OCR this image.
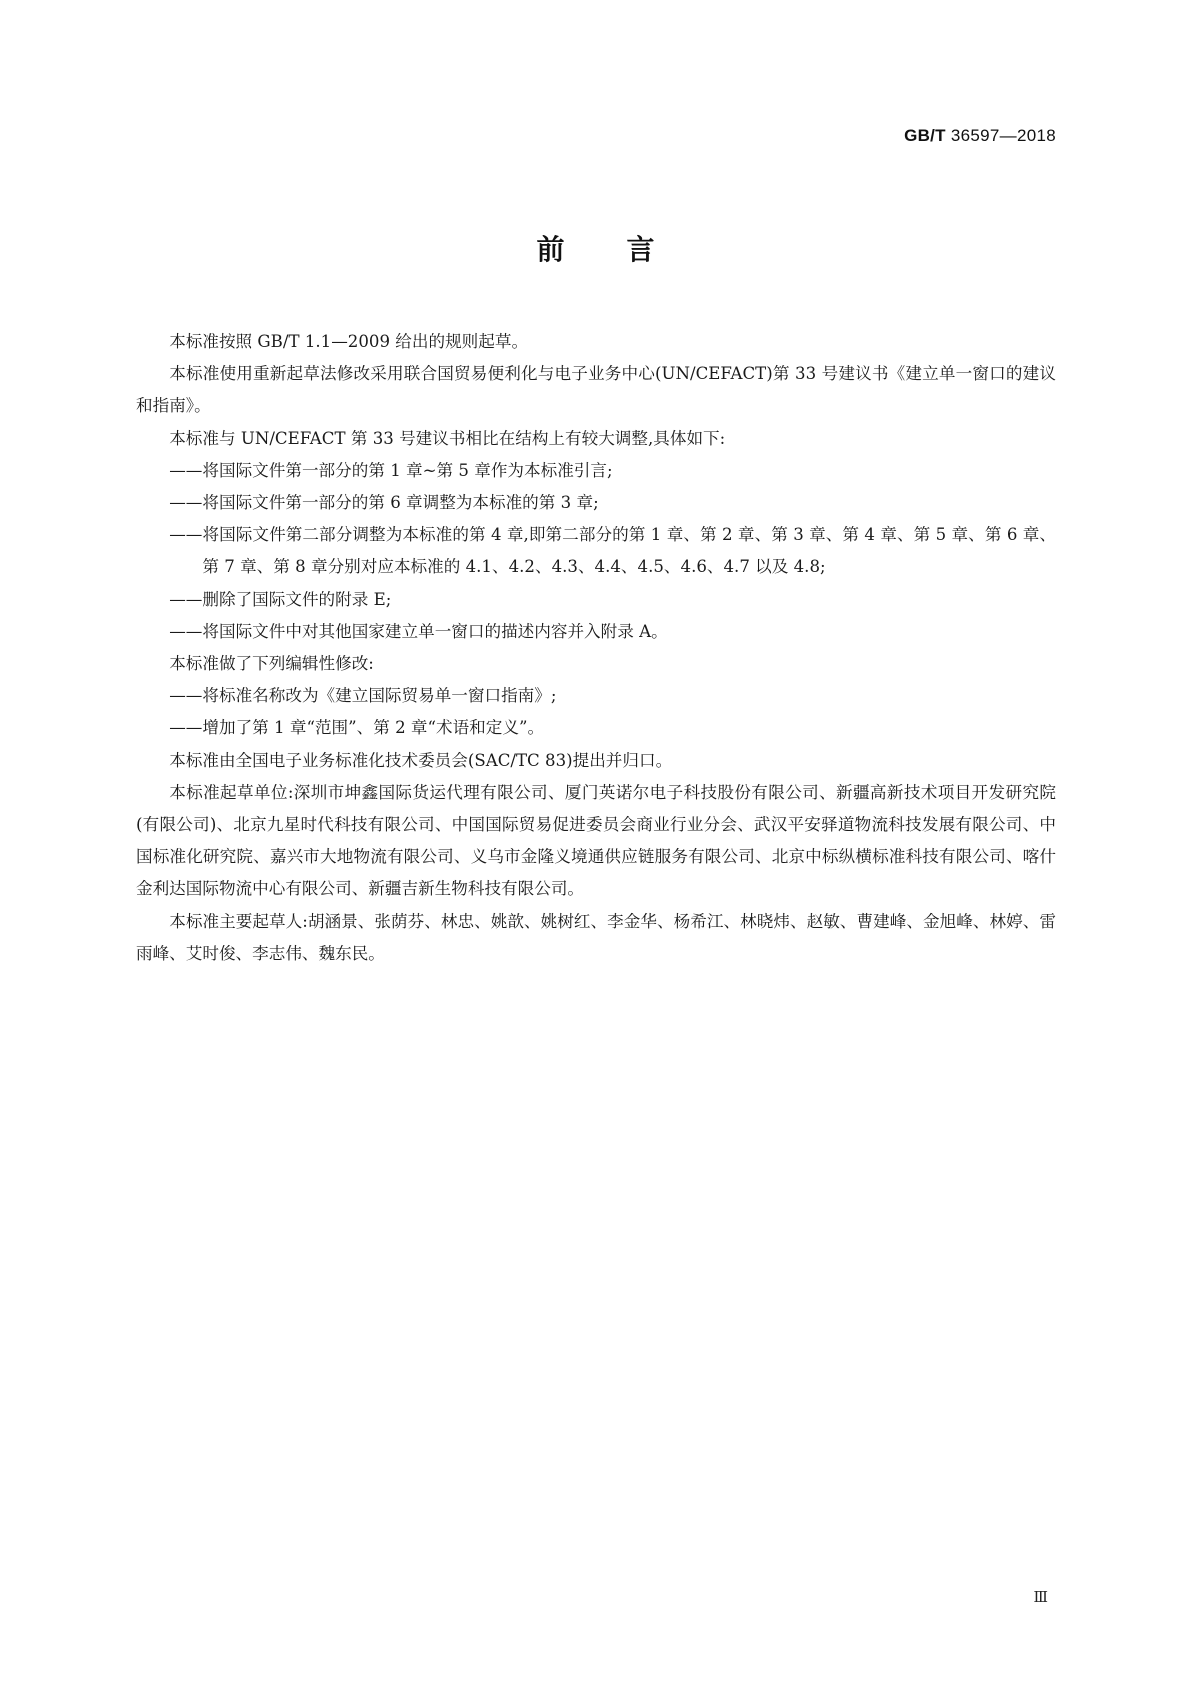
GB/T 36597—2018
前 言

本标准按照 GB/T 1.1—2009 给出的规则起草。

本标准使用重新起草法修改采用联合国贸易便利化与电子业务中心(UN/CEFACT)第 33 号建议书《建立单一窗口的建议和指南》。

本标准与 UN/CEFACT 第 33 号建议书相比在结构上有较大调整,具体如下:

——将国际文件第一部分的第 1 章~第 5 章作为本标准引言;

——将国际文件第一部分的第 6 章调整为本标准的第 3 章;

——将国际文件第二部分调整为本标准的第 4 章,即第二部分的第 1 章、第 2 章、第 3 章、第 4 章、第 5 章、第 6 章、第 7 章、第 8 章分别对应本标准的 4.1、4.2、4.3、4.4、4.5、4.6、4.7 以及 4.8;

——删除了国际文件的附录 E;

——将国际文件中对其他国家建立单一窗口的描述内容并入附录 A。

本标准做了下列编辑性修改:

——将标准名称改为《建立国际贸易单一窗口指南》;

——增加了第 1 章“范围”、第 2 章“术语和定义”。

本标准由全国电子业务标准化技术委员会(SAC/TC 83)提出并归口。

本标准起草单位:深圳市坤鑫国际货运代理有限公司、厦门英诺尔电子科技股份有限公司、新疆高新技术项目开发研究院(有限公司)、北京九星时代科技有限公司、中国国际贸易促进委员会商业行业分会、武汉平安驿道物流科技发展有限公司、中国标准化研究院、嘉兴市大地物流有限公司、义乌市金隆义境通供应链服务有限公司、北京中标纵横标准科技有限公司、喀什金利达国际物流中心有限公司、新疆吉新生物科技有限公司。

本标准主要起草人:胡涵景、张荫芬、林忠、姚歆、姚树红、李金华、杨希江、林晓炜、赵敏、曹建峰、金旭峰、林婷、雷雨峰、艾时俊、李志伟、魏东民。

Ⅲ
